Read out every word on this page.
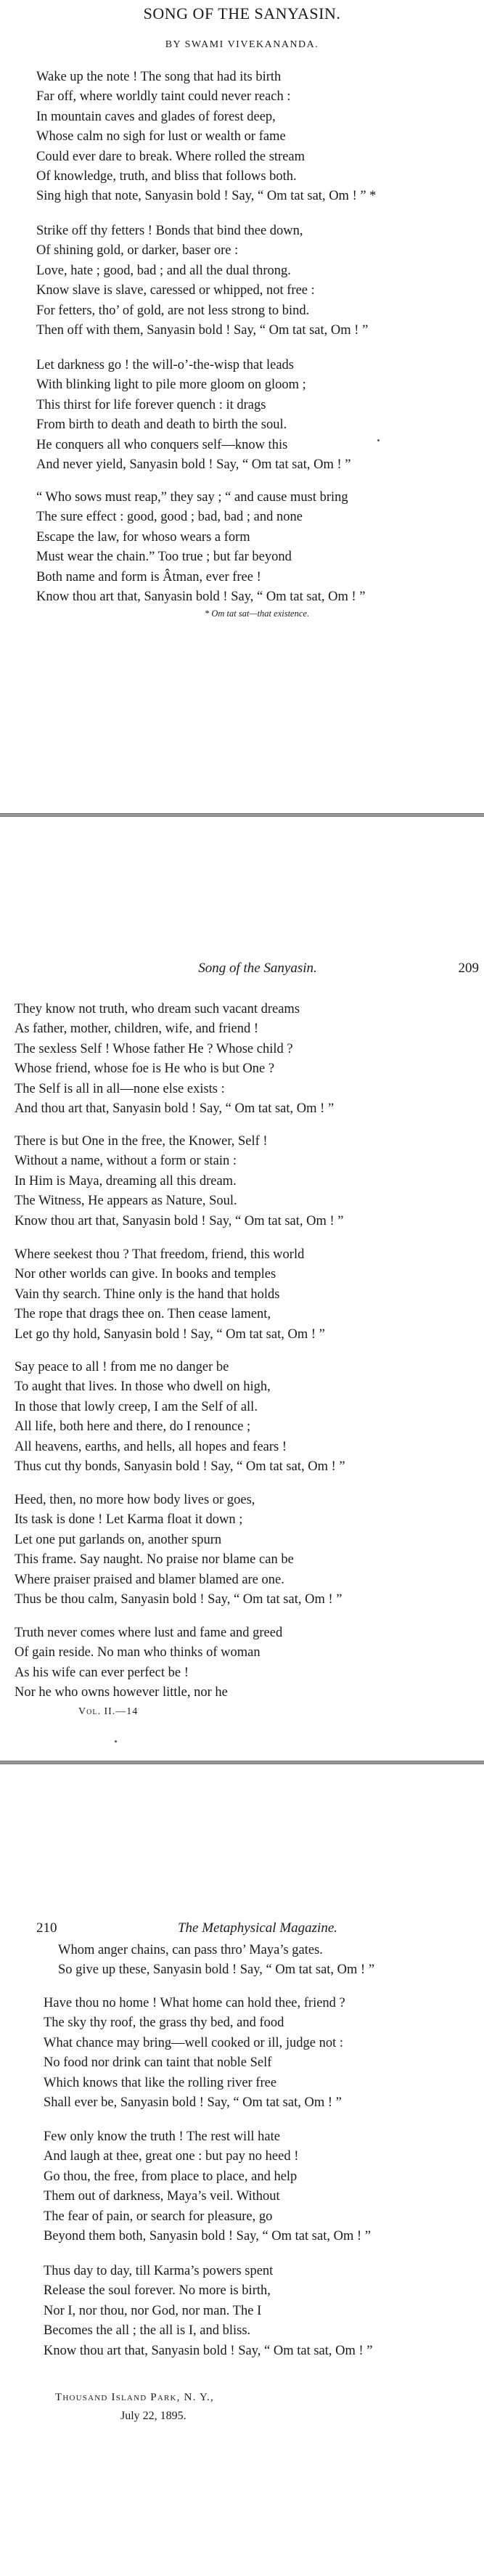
SONG OF THE SANYASIN.
BY SWAMI VIVEKANANDA.
Wake up the note ! The song that had its birth
Far off, where worldly taint could never reach :
In mountain caves and glades of forest deep,
Whose calm no sigh for lust or wealth or fame
Could ever dare to break. Where rolled the stream
Of knowledge, truth, and bliss that follows both.
Sing high that note, Sanyasin bold ! Say, “ Om tat sat, Om ! ” *
Strike off thy fetters ! Bonds that bind thee down,
Of shining gold, or darker, baser ore :
Love, hate ; good, bad ; and all the dual throng.
Know slave is slave, caressed or whipped, not free :
For fetters, tho’ of gold, are not less strong to bind.
Then off with them, Sanyasin bold ! Say, “ Om tat sat, Om ! ”
Let darkness go ! the will-o’-the-wisp that leads
With blinking light to pile more gloom on gloom ;
This thirst for life forever quench : it drags
From birth to death and death to birth the soul.
He conquers all who conquers self—know this
And never yield, Sanyasin bold ! Say, “ Om tat sat, Om ! ”
“ Who sows must reap,” they say ; “ and cause must bring
The sure effect : good, good ; bad, bad ; and none
Escape the law, for whoso wears a form
Must wear the chain.” Too true ; but far beyond
Both name and form is Âtman, ever free !
Know thou art that, Sanyasin bold ! Say, “ Om tat sat, Om ! ”
* Om tat sat—that existence.
Song of the Sanyasin.	209
They know not truth, who dream such vacant dreams
As father, mother, children, wife, and friend !
The sexless Self ! Whose father He ? Whose child ?
Whose friend, whose foe is He who is but One ?
The Self is all in all—none else exists :
And thou art that, Sanyasin bold ! Say, “ Om tat sat, Om ! ”
There is but One in the free, the Knower, Self !
Without a name, without a form or stain :
In Him is Maya, dreaming all this dream.
The Witness, He appears as Nature, Soul.
Know thou art that, Sanyasin bold ! Say, “ Om tat sat, Om ! ”
Where seekest thou ? That freedom, friend, this world
Nor other worlds can give. In books and temples
Vain thy search. Thine only is the hand that holds
The rope that drags thee on. Then cease lament,
Let go thy hold, Sanyasin bold ! Say, “ Om tat sat, Om ! ”
Say peace to all ! from me no danger be
To aught that lives. In those who dwell on high,
In those that lowly creep, I am the Self of all.
All life, both here and there, do I renounce ;
All heavens, earths, and hells, all hopes and fears !
Thus cut thy bonds, Sanyasin bold ! Say, “ Om tat sat, Om ! ”
Heed, then, no more how body lives or goes,
Its task is done ! Let Karma float it down ;
Let one put garlands on, another spurn
This frame. Say naught. No praise nor blame can be
Where praiser praised and blamer blamed are one.
Thus be thou calm, Sanyasin bold ! Say, “ Om tat sat, Om ! ”
Truth never comes where lust and fame and greed
Of gain reside. No man who thinks of woman
As his wife can ever perfect be !
Nor he who owns however little, nor he
Vol. II.—14
210	The Metaphysical Magazine.
Whom anger chains, can pass thro’ Maya’s gates.
So give up these, Sanyasin bold ! Say, “ Om tat sat, Om ! ”
Have thou no home ! What home can hold thee, friend ?
The sky thy roof, the grass thy bed, and food
What chance may bring—well cooked or ill, judge not :
No food nor drink can taint that noble Self
Which knows that like the rolling river free
Shall ever be, Sanyasin bold ! Say, “ Om tat sat, Om ! ”
Few only know the truth ! The rest will hate
And laugh at thee, great one : but pay no heed !
Go thou, the free, from place to place, and help
Them out of darkness, Maya’s veil. Without
The fear of pain, or search for pleasure, go
Beyond them both, Sanyasin bold ! Say, “ Om tat sat, Om ! ”
Thus day to day, till Karma’s powers spent
Release the soul forever. No more is birth,
Nor I, nor thou, nor God, nor man. The I
Becomes the all ; the all is I, and bliss.
Know thou art that, Sanyasin bold ! Say, “ Om tat sat, Om ! ”
Thousand Island Park, N. Y.,
July 22, 1895.
